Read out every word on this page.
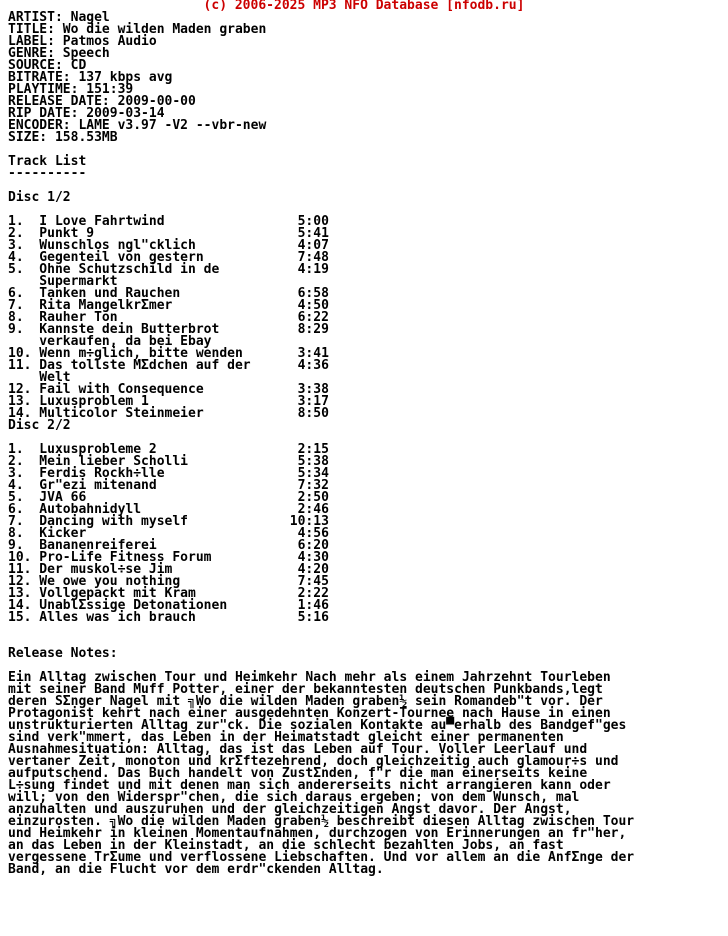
(c) 2006-2025 MP3 NFO Database [nfodb.ru]
ARTIST: Nagel
TITLE: Wo die wilden Maden graben
LABEL: Patmos Audio
GENRE: Speech
SOURCE: CD
BITRATE: 137 kbps avg
PLAYTIME: 151:39
RELEASE DATE: 2009-00-00
RIP DATE: 2009-03-14
ENCODER: LAME v3.97 -V2 --vbr-new
SIZE: 158.53MB

Track List
----------

Disc 1/2

1.  I Love Fahrtwind                 5:00
2.  Punkt 9                          5:41
3.  Wunschlos ngl"cklich             4:07
4.  Gegenteil von gestern            7:48
5.  Ohne Schutzschild in de          4:19
Supermarkt
6.  Tanken und Rauchen               6:58
7.  Rita MangelkrΣmer                4:50
8.  Rauher Ton                       6:22
9.  Kannste dein Butterbrot          8:29
verkaufen, da bei Ebay
10. Wenn m÷glich, bitte wenden       3:41
11. Das tollste MΣdchen auf der      4:36
Welt
12. Fail with Consequence            3:38
13. Luxusproblem 1                   3:17
14. Multicolor Steinmeier            8:50
Disc 2/2

1.  Luxusprobleme 2                  2:15
2.  Mein lieber Scholli              5:38
3.  Ferdis Rockh÷lle                 5:34
4.  Gr"ezi mitenand                  7:32
5.  JVA 66                           2:50
6.  Autobahnidyll                    2:46
7.  Dancing with myself             10:13
8.  Kicker                           4:56
9.  Bananenreiferei                  6:20
10. Pro-Life Fitness Forum           4:30
11. Der muskol÷se Jim                4:20
12. We owe you nothing               7:45
13. Vollgepackt mit Kram             2:22
14. UnablΣssige Detonationen         1:46
15. Alles was ich brauch             5:16

Release Notes:

Ein Alltag zwischen Tour und Heimkehr Nach mehr als einem Jahrzehnt Tourleben
mit seiner Band Muff Potter, einer der bekanntesten deutschen Punkbands,legt
deren SΣnger Nagel mit ╗Wo die wilden Maden graben½ sein Romandeb"t vor. Der
Protagonist kehrt nach einer ausgedehnten Konzert-Tournee nach Hause in einen
unstrukturierten Alltag zur"ck. Die sozialen Kontakte au▀erhalb des Bandgef"ges
sind verk"mmert, das Leben in der Heimatstadt gleicht einer permanenten
Ausnahmesituation: Alltag, das ist das Leben auf Tour. Voller Leerlauf und
vertaner Zeit, monoton und krΣftezehrend, doch gleichzeitig auch glamour÷s und
aufputschend. Das Buch handelt von ZustΣnden, f"r die man einerseits keine
L÷sung findet und mit denen man sich andererseits nicht arrangieren kann oder
will; von den Widerspr"chen, die sich daraus ergeben; von dem Wunsch, mal
anzuhalten und auszuruhen und der gleichzeitigen Angst davor. Der Angst,
einzurosten. ╗Wo die wilden Maden graben½ beschreibt diesen Alltag zwischen Tour
und Heimkehr in kleinen Momentaufnahmen, durchzogen von Erinnerungen an fr"her,
an das Leben in der Kleinstadt, an die schlecht bezahlten Jobs, an fast
vergessene TrΣume und verflossene Liebschaften. Und vor allem an die AnfΣnge der
Band, an die Flucht vor dem erdr"ckenden Alltag.
